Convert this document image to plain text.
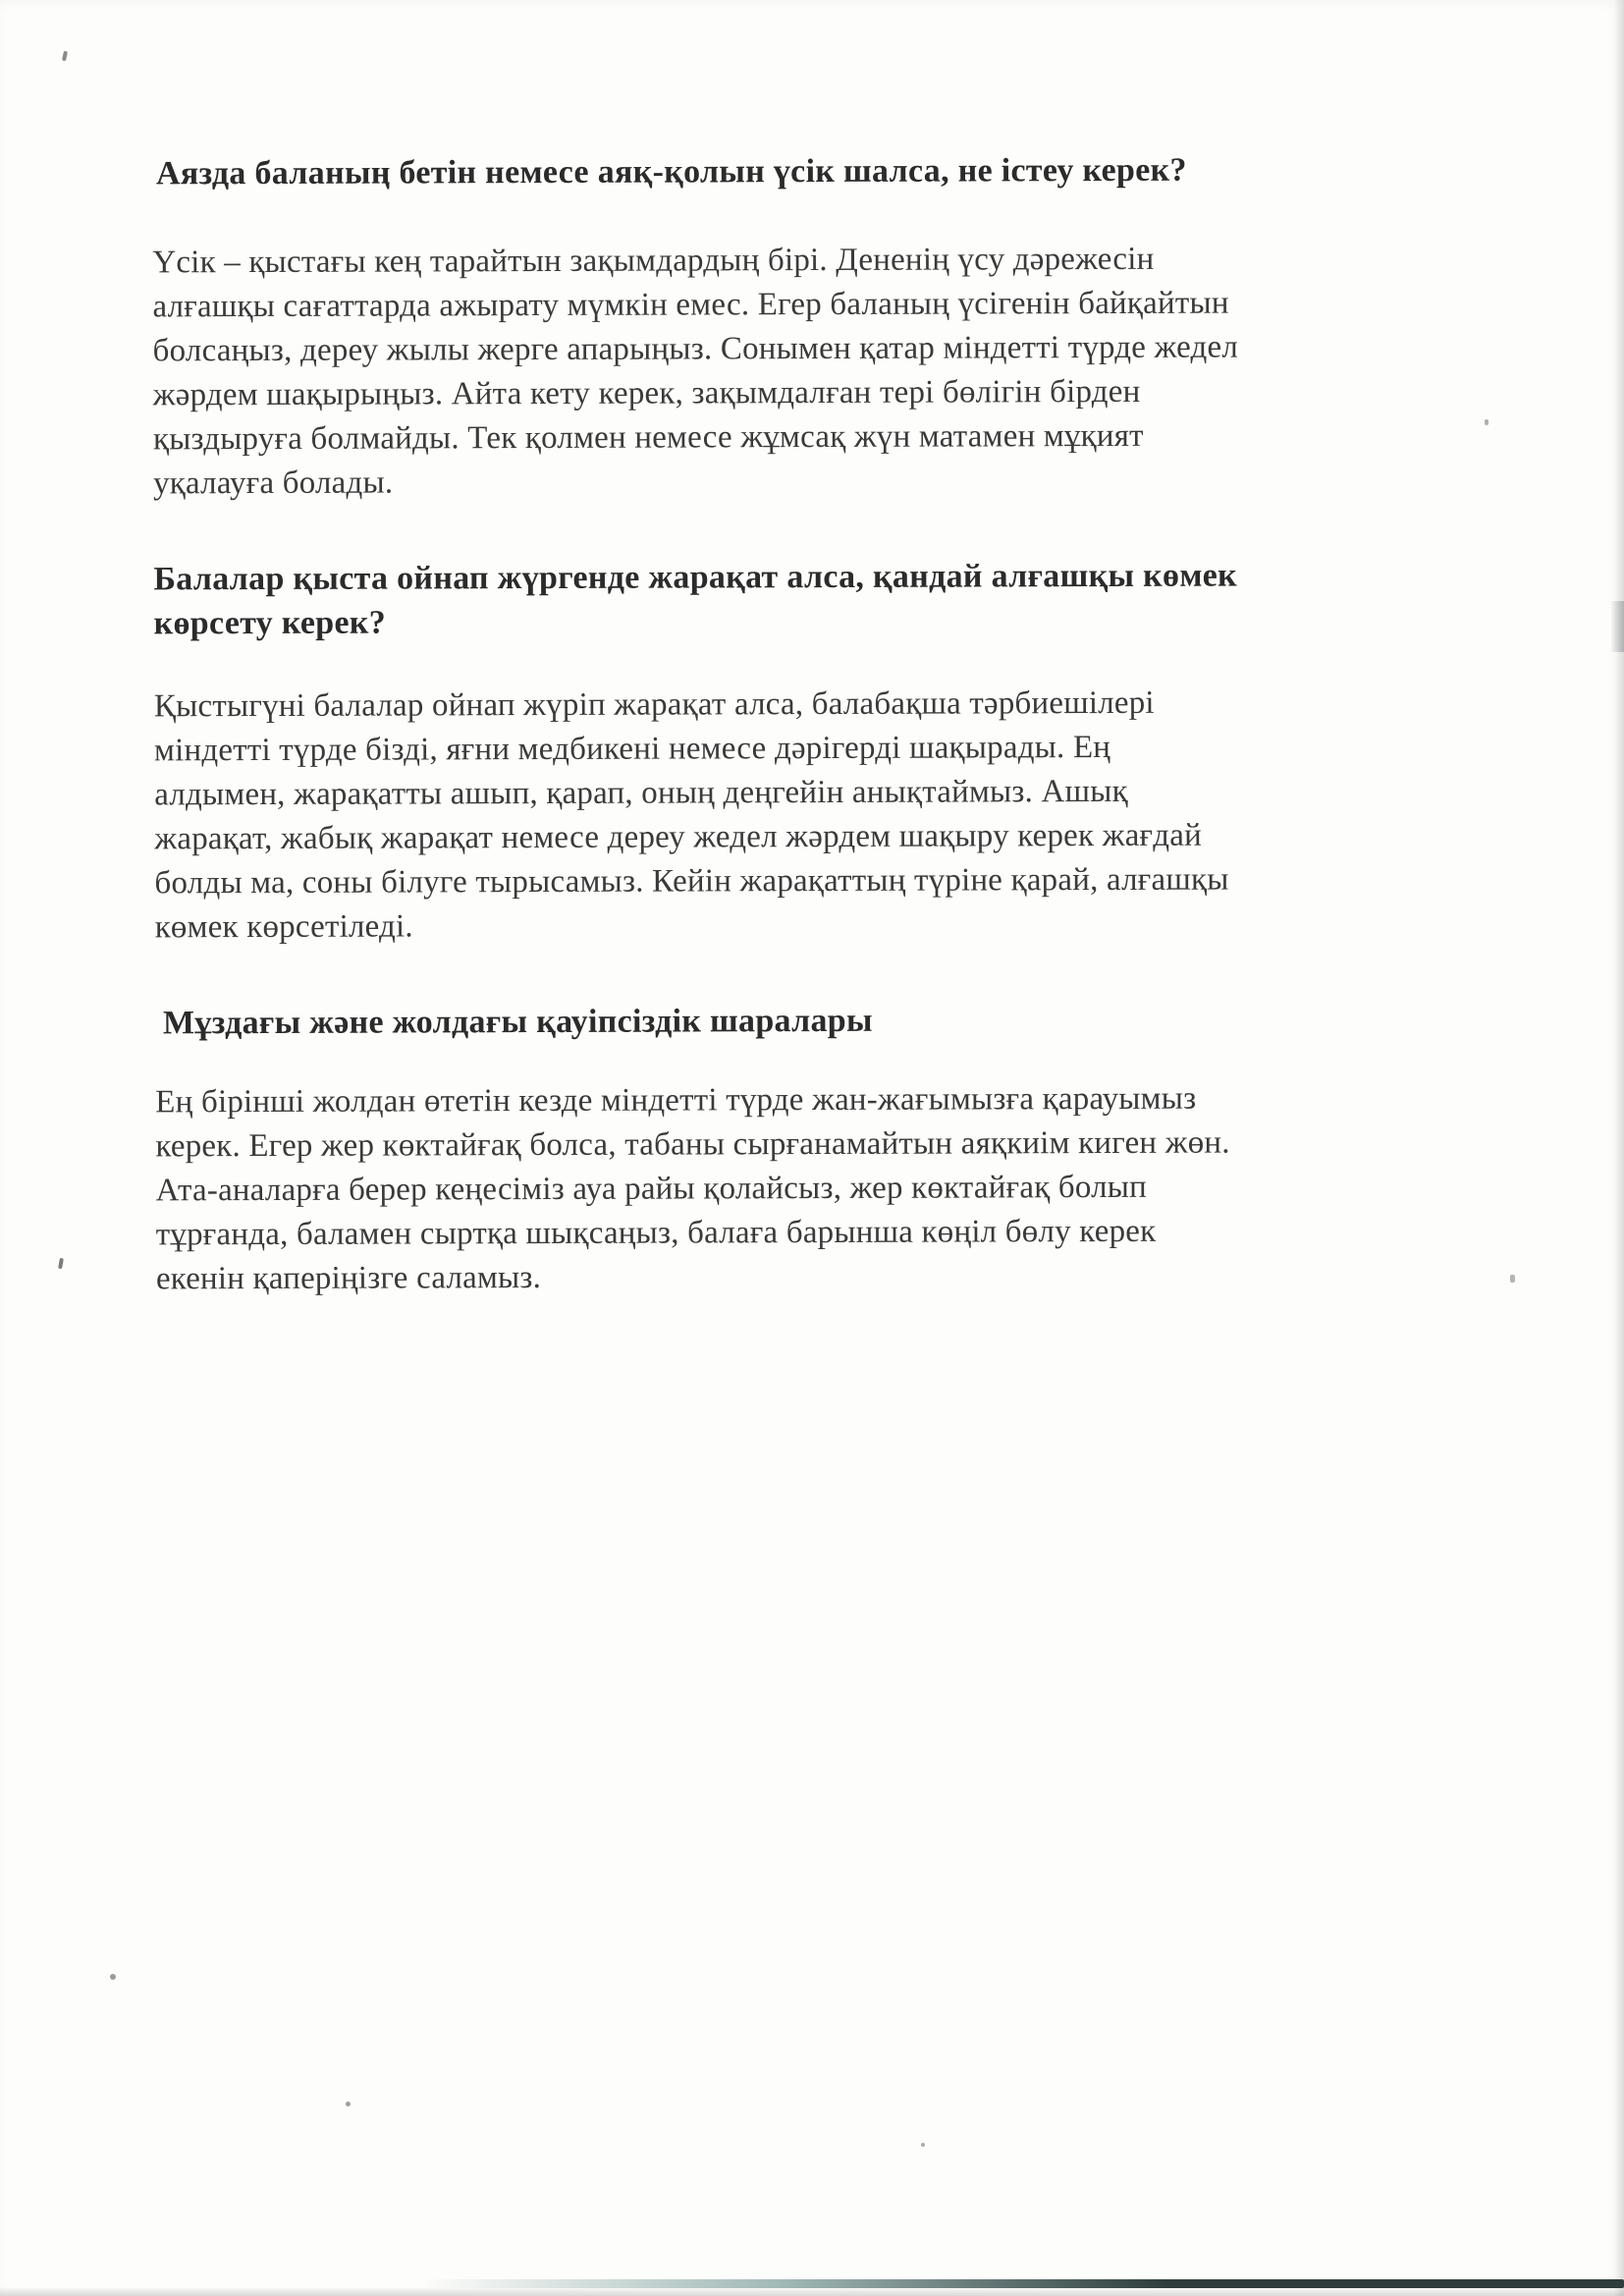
Аязда баланың бетін немесе аяқ-қолын үсік шалса, не істеу керек?

Үсік – қыстағы кең тарайтын зақымдардың бірі. Дененің үсу дәрежесін
алғашқы сағаттарда ажырату мүмкін емес. Егер баланың үсігенін байқайтын
болсаңыз, дереу жылы жерге апарыңыз. Сонымен қатар міндетті түрде жедел
жәрдем шақырыңыз. Айта кету керек, зақымдалған тері бөлігін бірден
қыздыруға болмайды. Тек қолмен немесе жұмсақ жүн матамен мұқият
уқалауға болады.

Балалар қыста ойнап жүргенде жарақат алса, қандай алғашқы көмек
көрсету керек?

Қыстыгүні балалар ойнап жүріп жарақат алса, балабақша тәрбиешілері
міндетті түрде бізді, яғни медбикені немесе дәрігерді шақырады. Ең
алдымен, жарақатты ашып, қарап, оның деңгейін анықтаймыз. Ашық
жарақат, жабық жарақат немесе дереу жедел жәрдем шақыру керек жағдай
болды ма, соны білуге тырысамыз. Кейін жарақаттың түріне қарай, алғашқы
көмек көрсетіледі.

Мұздағы және жолдағы қауіпсіздік шаралары

Ең бірінші жолдан өтетін кезде міндетті түрде жан-жағымызға қарауымыз
керек. Егер жер көктайғақ болса, табаны сырғанамайтын аяқкиім киген жөн.
Ата-аналарға берер кеңесіміз ауа райы қолайсыз, жер көктайғақ болып
тұрғанда, баламен сыртқа шықсаңыз, балаға барынша көңіл бөлу керек
екенін қаперіңізге саламыз.
